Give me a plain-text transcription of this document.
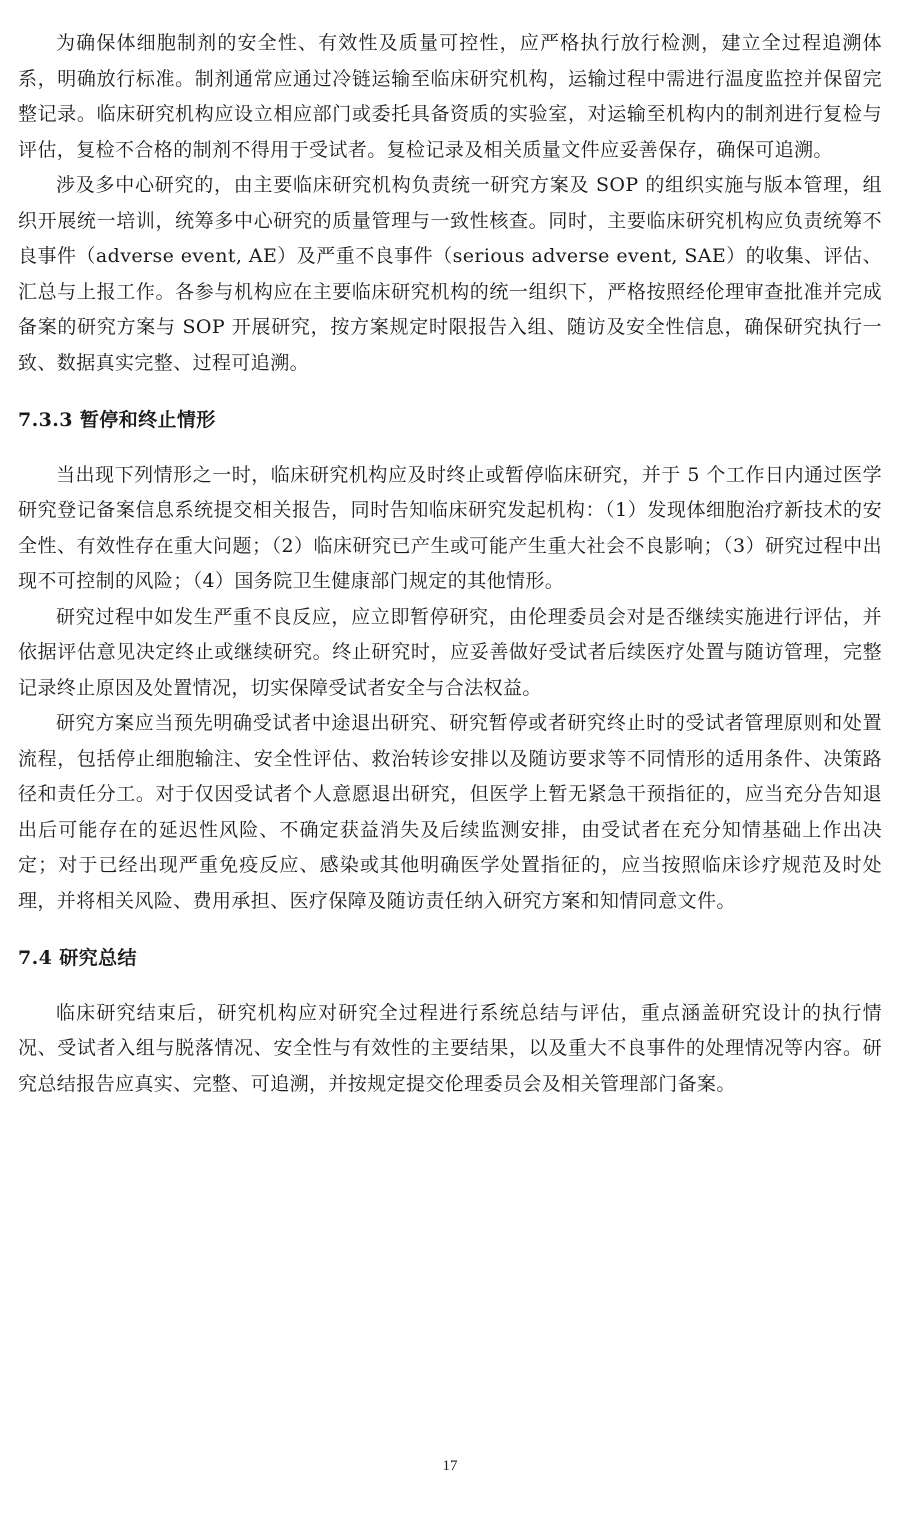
为确保体细胞制剂的安全性、有效性及质量可控性，应严格执行放行检测，建立全过程追溯体系，明确放行标准。制剂通常应通过冷链运输至临床研究机构，运输过程中需进行温度监控并保留完整记录。临床研究机构应设立相应部门或委托具备资质的实验室，对运输至机构内的制剂进行复检与评估，复检不合格的制剂不得用于受试者。复检记录及相关质量文件应妥善保存，确保可追溯。

涉及多中心研究的，由主要临床研究机构负责统一研究方案及 SOP 的组织实施与版本管理，组织开展统一培训，统筹多中心研究的质量管理与一致性核查。同时，主要临床研究机构应负责统筹不良事件（adverse event, AE）及严重不良事件（serious adverse event, SAE）的收集、评估、汇总与上报工作。各参与机构应在主要临床研究机构的统一组织下，严格按照经伦理审查批准并完成备案的研究方案与 SOP 开展研究，按方案规定时限报告入组、随访及安全性信息，确保研究执行一致、数据真实完整、过程可追溯。

7.3.3 暂停和终止情形

当出现下列情形之一时，临床研究机构应及时终止或暂停临床研究，并于 5 个工作日内通过医学研究登记备案信息系统提交相关报告，同时告知临床研究发起机构：（1）发现体细胞治疗新技术的安全性、有效性存在重大问题；（2）临床研究已产生或可能产生重大社会不良影响；（3）研究过程中出现不可控制的风险；（4）国务院卫生健康部门规定的其他情形。

研究过程中如发生严重不良反应，应立即暂停研究，由伦理委员会对是否继续实施进行评估，并依据评估意见决定终止或继续研究。终止研究时，应妥善做好受试者后续医疗处置与随访管理，完整记录终止原因及处置情况，切实保障受试者安全与合法权益。

研究方案应当预先明确受试者中途退出研究、研究暂停或者研究终止时的受试者管理原则和处置流程，包括停止细胞输注、安全性评估、救治转诊安排以及随访要求等不同情形的适用条件、决策路径和责任分工。对于仅因受试者个人意愿退出研究，但医学上暂无紧急干预指征的，应当充分告知退出后可能存在的延迟性风险、不确定获益消失及后续监测安排，由受试者在充分知情基础上作出决定；对于已经出现严重免疫反应、感染或其他明确医学处置指征的，应当按照临床诊疗规范及时处理，并将相关风险、费用承担、医疗保障及随访责任纳入研究方案和知情同意文件。

7.4 研究总结

临床研究结束后，研究机构应对研究全过程进行系统总结与评估，重点涵盖研究设计的执行情况、受试者入组与脱落情况、安全性与有效性的主要结果，以及重大不良事件的处理情况等内容。研究总结报告应真实、完整、可追溯，并按规定提交伦理委员会及相关管理部门备案。

17
